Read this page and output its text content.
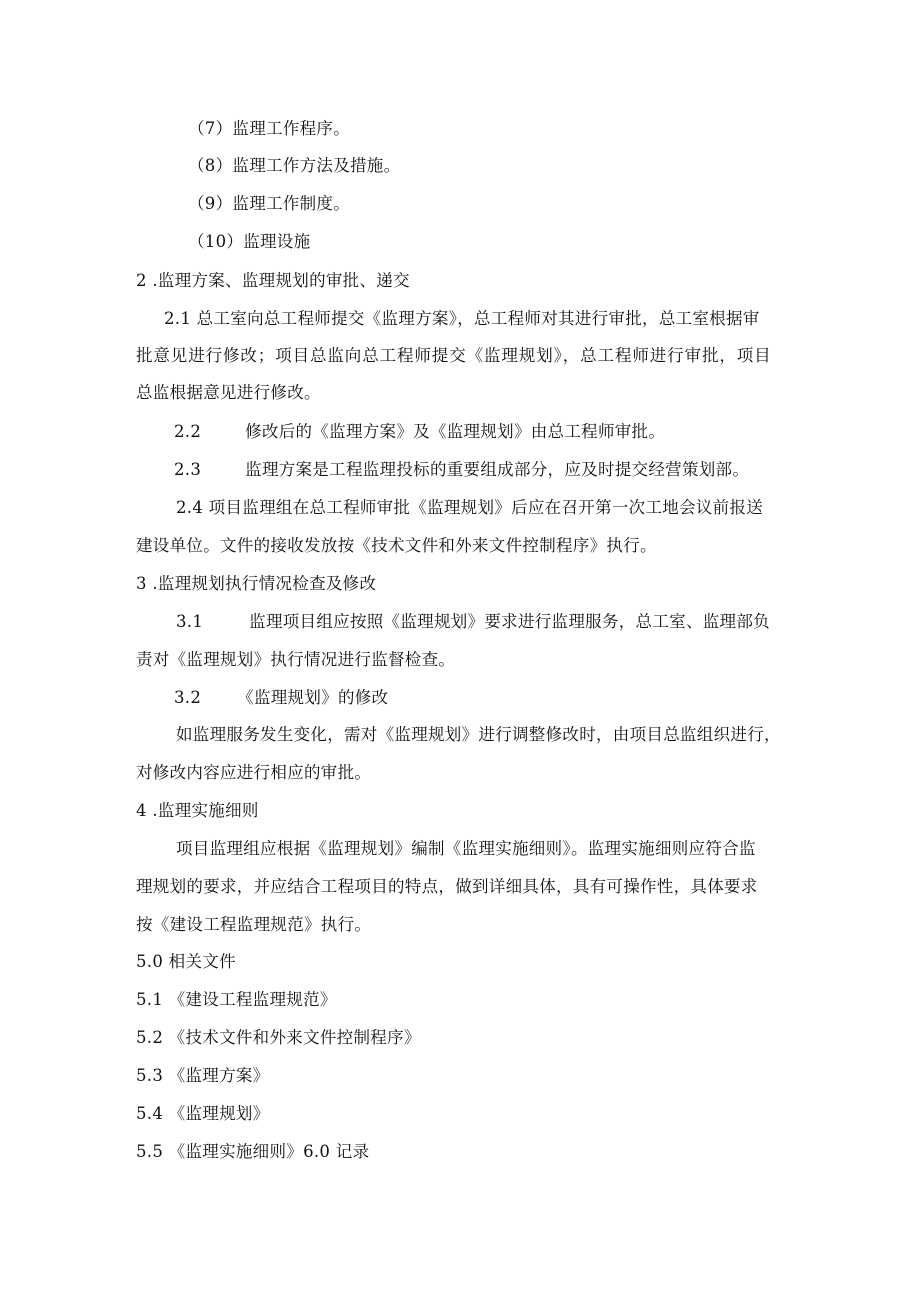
（7）监理工作程序。
（8）监理工作方法及措施。
（9）监理工作制度。
（10）监理设施
2 .监理方案、监理规划的审批、递交
2.1 总工室向总工程师提交《监理方案》，总工程师对其进行审批，总工室根据审
批意见进行修改；项目总监向总工程师提交《监理规划》，总工程师进行审批，项目
总监根据意见进行修改。
2.2	修改后的《监理方案》及《监理规划》由总工程师审批。
2.3	监理方案是工程监理投标的重要组成部分，应及时提交经营策划部。
2.4 项目监理组在总工程师审批《监理规划》后应在召开第一次工地会议前报送
建设单位。文件的接收发放按《技术文件和外来文件控制程序》执行。
3 .监理规划执行情况检查及修改
3.1	监理项目组应按照《监理规划》要求进行监理服务，总工室、监理部负
责对《监理规划》执行情况进行监督检查。
3.2 《监理规划》的修改
如监理服务发生变化，需对《监理规划》进行调整修改时，由项目总监组织进行，
对修改内容应进行相应的审批。
4 .监理实施细则
项目监理组应根据《监理规划》编制《监理实施细则》。监理实施细则应符合监
理规划的要求，并应结合工程项目的特点，做到详细具体，具有可操作性，具体要求
按《建设工程监理规范》执行。
5.0 相关文件
5.1 《建设工程监理规范》
5.2 《技术文件和外来文件控制程序》
5.3 《监理方案》
5.4 《监理规划》
5.5 《监理实施细则》6.0 记录
